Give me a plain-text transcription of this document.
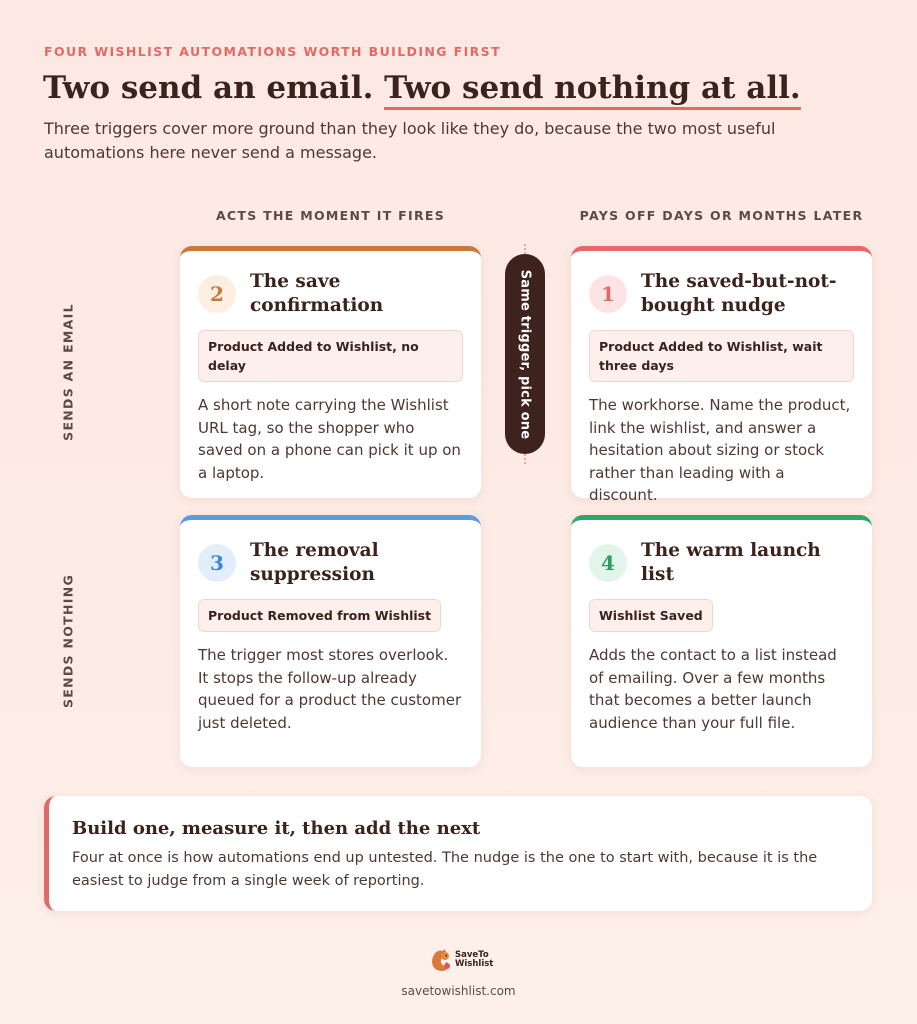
FOUR WISHLIST AUTOMATIONS WORTH BUILDING FIRST
Two send an email. Two send nothing at all.

Three triggers cover more ground than they look like they do, because the two most useful automations here never send a message.

ACTS THE MOMENT IT FIRES	PAYS OFF DAYS OR MONTHS LATER
SENDS AN EMAIL
SENDS NOTHING
Same trigger, pick one
2
The save confirmation
Product Added to Wishlist, no delay

A short note carrying the Wishlist URL tag, so the shopper who saved on a phone can pick it up on a laptop.

1
The saved-but-not-bought nudge
Product Added to Wishlist, wait three days

The workhorse. Name the product, link the wishlist, and answer a hesitation about sizing or stock rather than leading with a discount.

3
The removal suppression
Product Removed from Wishlist

The trigger most stores overlook. It stops the follow-up already queued for a product the customer just deleted.

4
The warm launch list
Wishlist Saved

Adds the contact to a list instead of emailing. Over a few months that becomes a better launch audience than your full file.

Build one, measure it, then add the next

Four at once is how automations end up untested. The nudge is the one to start with, because it is the easiest to judge from a single week of reporting.

SaveTo
Wishlist
savetowishlist.com
